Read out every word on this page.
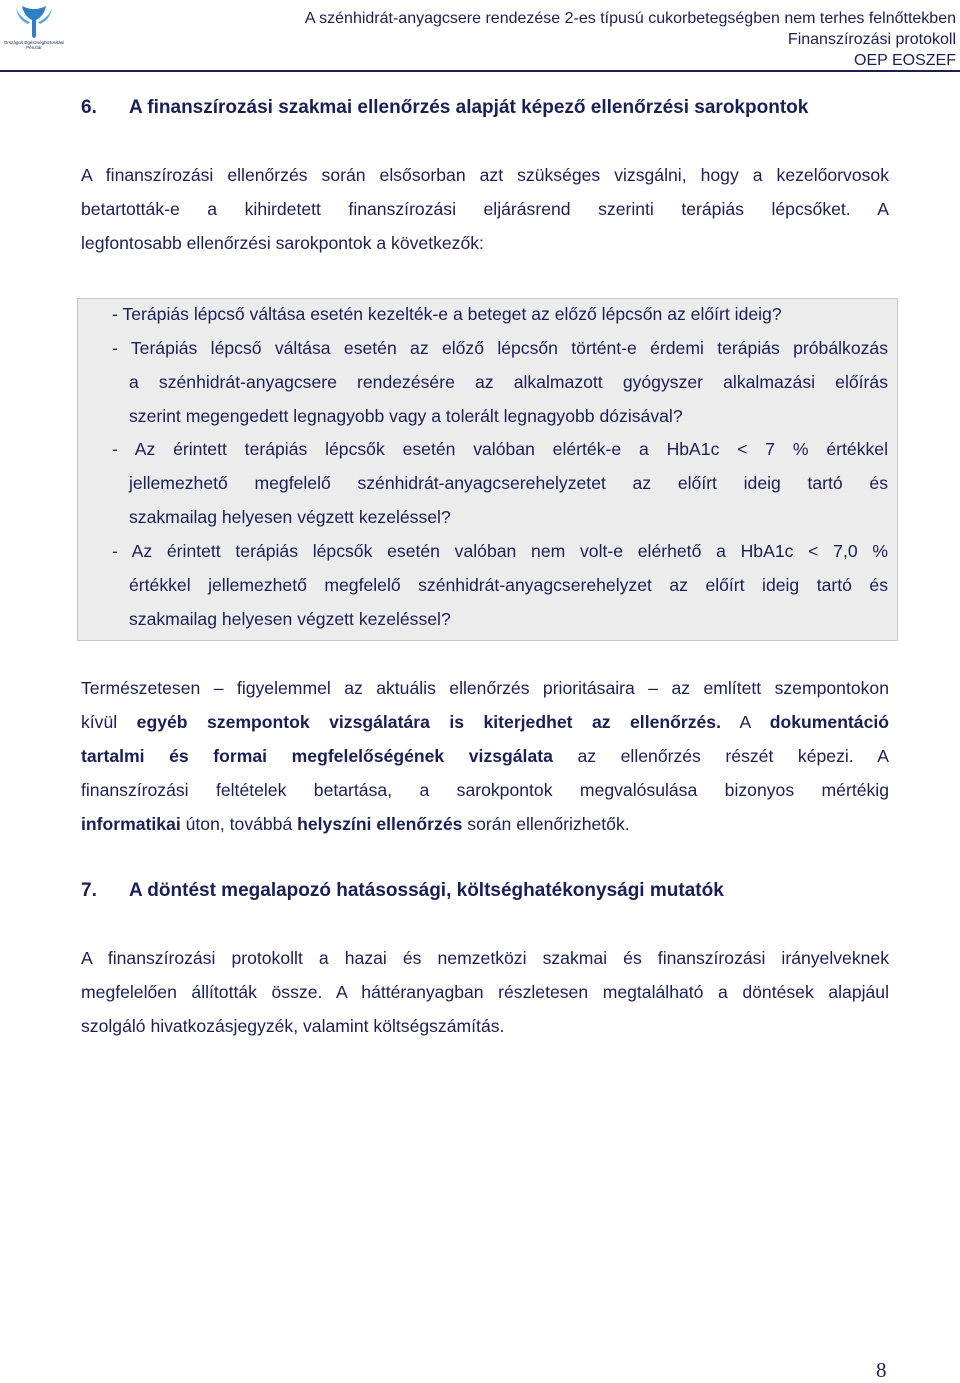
Országos Egészségbiztosítási Pénztár
A szénhidrát-anyagcsere rendezése 2-es típusú cukorbetegségben nem terhes felnőttekben
Finanszírozási protokoll
OEP EOSZEF
6. A finanszírozási szakmai ellenőrzés alapját képező ellenőrzési sarokpontok
A finanszírozási ellenőrzés során elsősorban azt szükséges vizsgálni, hogy a kezelőorvosok
betartották-e a kihirdetett finanszírozási eljárásrend szerinti terápiás lépcsőket. A
legfontosabb ellenőrzési sarokpontok a következők:
- Terápiás lépcső váltása esetén kezelték-e a beteget az előző lépcsőn az előírt ideig?
- Terápiás lépcső váltása esetén az előző lépcsőn történt-e érdemi terápiás próbálkozás
a szénhidrát-anyagcsere rendezésére az alkalmazott gyógyszer alkalmazási előírás
szerint megengedett legnagyobb vagy a tolerált legnagyobb dózisával?
- Az érintett terápiás lépcsők esetén valóban elérték-e a HbA1c < 7 % értékkel
jellemezhető megfelelő szénhidrát-anyagcserehelyzetet az előírt ideig tartó és
szakmailag helyesen végzett kezeléssel?
- Az érintett terápiás lépcsők esetén valóban nem volt-e elérhető a HbA1c < 7,0 %
értékkel jellemezhető megfelelő szénhidrát-anyagcserehelyzet az előírt ideig tartó és
szakmailag helyesen végzett kezeléssel?
Természetesen – figyelemmel az aktuális ellenőrzés prioritásaira – az említett szempontokon
kívül egyéb szempontok vizsgálatára is kiterjedhet az ellenőrzés. A dokumentáció
tartalmi és formai megfelelőségének vizsgálata az ellenőrzés részét képezi. A
finanszírozási feltételek betartása, a sarokpontok megvalósulása bizonyos mértékig
informatikai úton, továbbá helyszíni ellenőrzés során ellenőrizhetők.
7. A döntést megalapozó hatásossági, költséghatékonysági mutatók
A finanszírozási protokollt a hazai és nemzetközi szakmai és finanszírozási irányelveknek
megfelelően állították össze. A háttéranyagban részletesen megtalálható a döntések alapjául
szolgáló hivatkozásjegyzék, valamint költségszámítás.
8
